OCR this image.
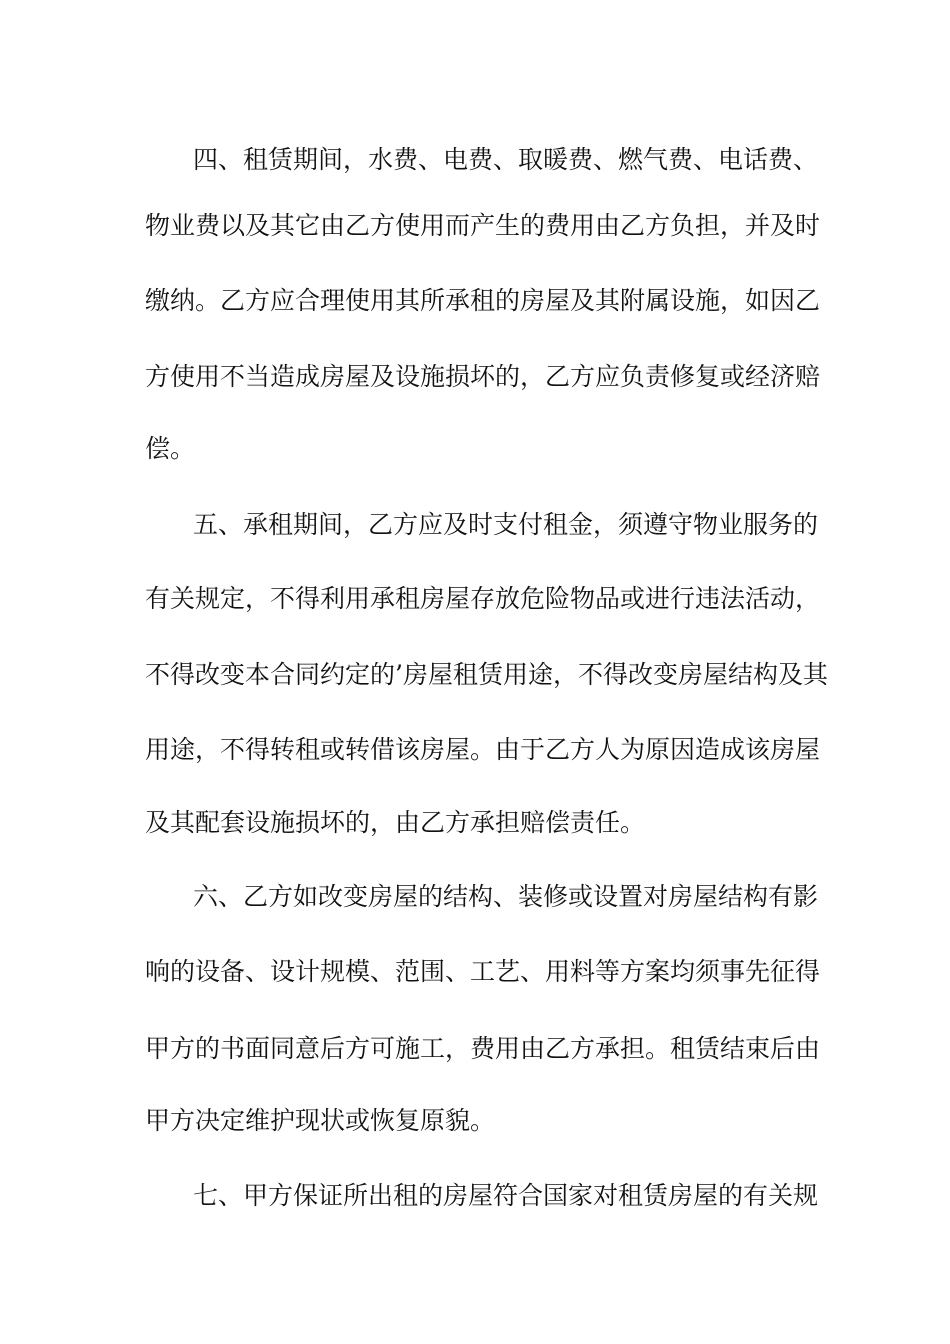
四、租赁期间，水费、电费、取暖费、燃气费、电话费、
物业费以及其它由乙方使用而产生的费用由乙方负担，并及时
缴纳。乙方应合理使用其所承租的房屋及其附属设施，如因乙
方使用不当造成房屋及设施损坏的，乙方应负责修复或经济赔
偿。
五、承租期间，乙方应及时支付租金，须遵守物业服务的
有关规定，不得利用承租房屋存放危险物品或进行违法活动，
不得改变本合同约定的’房屋租赁用途，不得改变房屋结构及其
用途，不得转租或转借该房屋。由于乙方人为原因造成该房屋
及其配套设施损坏的，由乙方承担赔偿责任。
六、乙方如改变房屋的结构、装修或设置对房屋结构有影
响的设备、设计规模、范围、工艺、用料等方案均须事先征得
甲方的书面同意后方可施工，费用由乙方承担。租赁结束后由
甲方决定维护现状或恢复原貌。
七、甲方保证所出租的房屋符合国家对租赁房屋的有关规
